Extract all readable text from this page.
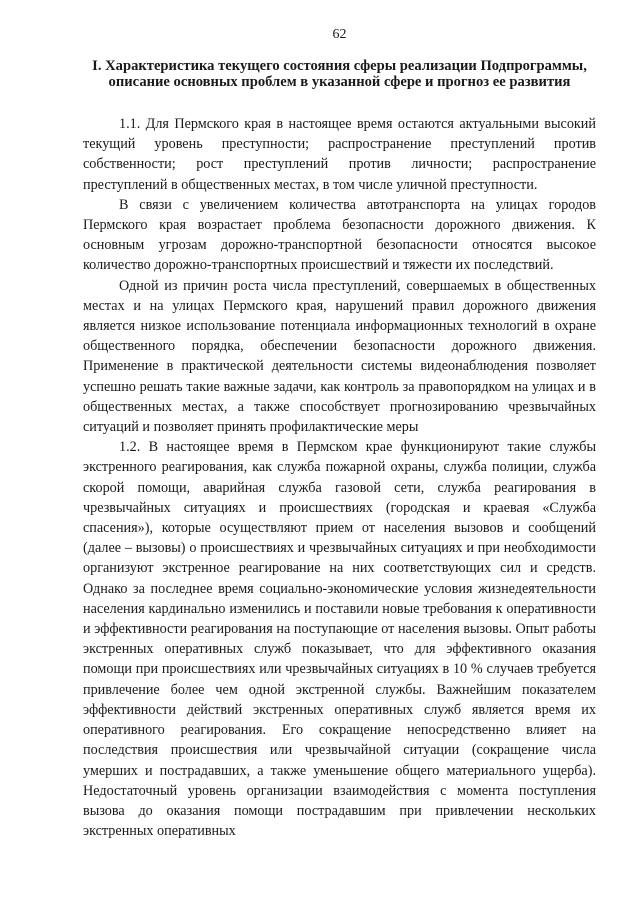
62
I. Характеристика текущего состояния сферы реализации Подпрограммы,
описание основных проблем в указанной сфере и прогноз ее развития

1.1. Для Пермского края в настоящее время остаются актуальными высокий текущий уровень преступности; распространение преступлений против собственности; рост преступлений против личности; распространение преступлений в общественных местах, в том числе уличной преступности.

В связи с увеличением количества автотранспорта на улицах городов Пермского края возрастает проблема безопасности дорожного движения. К основным угрозам дорожно-транспортной безопасности относятся высокое количество дорожно-транспортных происшествий и тяжести их последствий.

Одной из причин роста числа преступлений, совершаемых в общественных местах и на улицах Пермского края, нарушений правил дорожного движения является низкое использование потенциала информационных технологий в охране общественного порядка, обеспечении безопасности дорожного движения. Применение в практической деятельности системы видеонаблюдения позволяет успешно решать такие важные задачи, как контроль за правопорядком на улицах и в общественных местах, а также способствует прогнозированию чрезвычайных ситуаций и позволяет принять профилактические меры

1.2. В настоящее время в Пермском крае функционируют такие службы экстренного реагирования, как служба пожарной охраны, служба полиции, служба скорой помощи, аварийная служба газовой сети, служба реагирования в чрезвычайных ситуациях и происшествиях (городская и краевая «Служба спасения»), которые осуществляют прием от населения вызовов и сообщений (далее – вызовы) о происшествиях и чрезвычайных ситуациях и при необходимости организуют экстренное реагирование на них соответствующих сил и средств. Однако за последнее время социально-экономические условия жизнедеятельности населения кардинально изменились и поставили новые требования к оперативности и эффективности реагирования на поступающие от населения вызовы. Опыт работы экстренных оперативных служб показывает, что для эффективного оказания помощи при происшествиях или чрезвычайных ситуациях в 10 % случаев требуется привлечение более чем одной экстренной службы. Важнейшим показателем эффективности действий экстренных оперативных служб является время их оперативного реагирования. Его сокращение непосредственно влияет на последствия происшествия или чрезвычайной ситуации (сокращение числа умерших и пострадавших, а также уменьшение общего материального ущерба). Недостаточный уровень организации взаимодействия с момента поступления вызова до оказания помощи пострадавшим при привлечении нескольких экстренных оперативных
